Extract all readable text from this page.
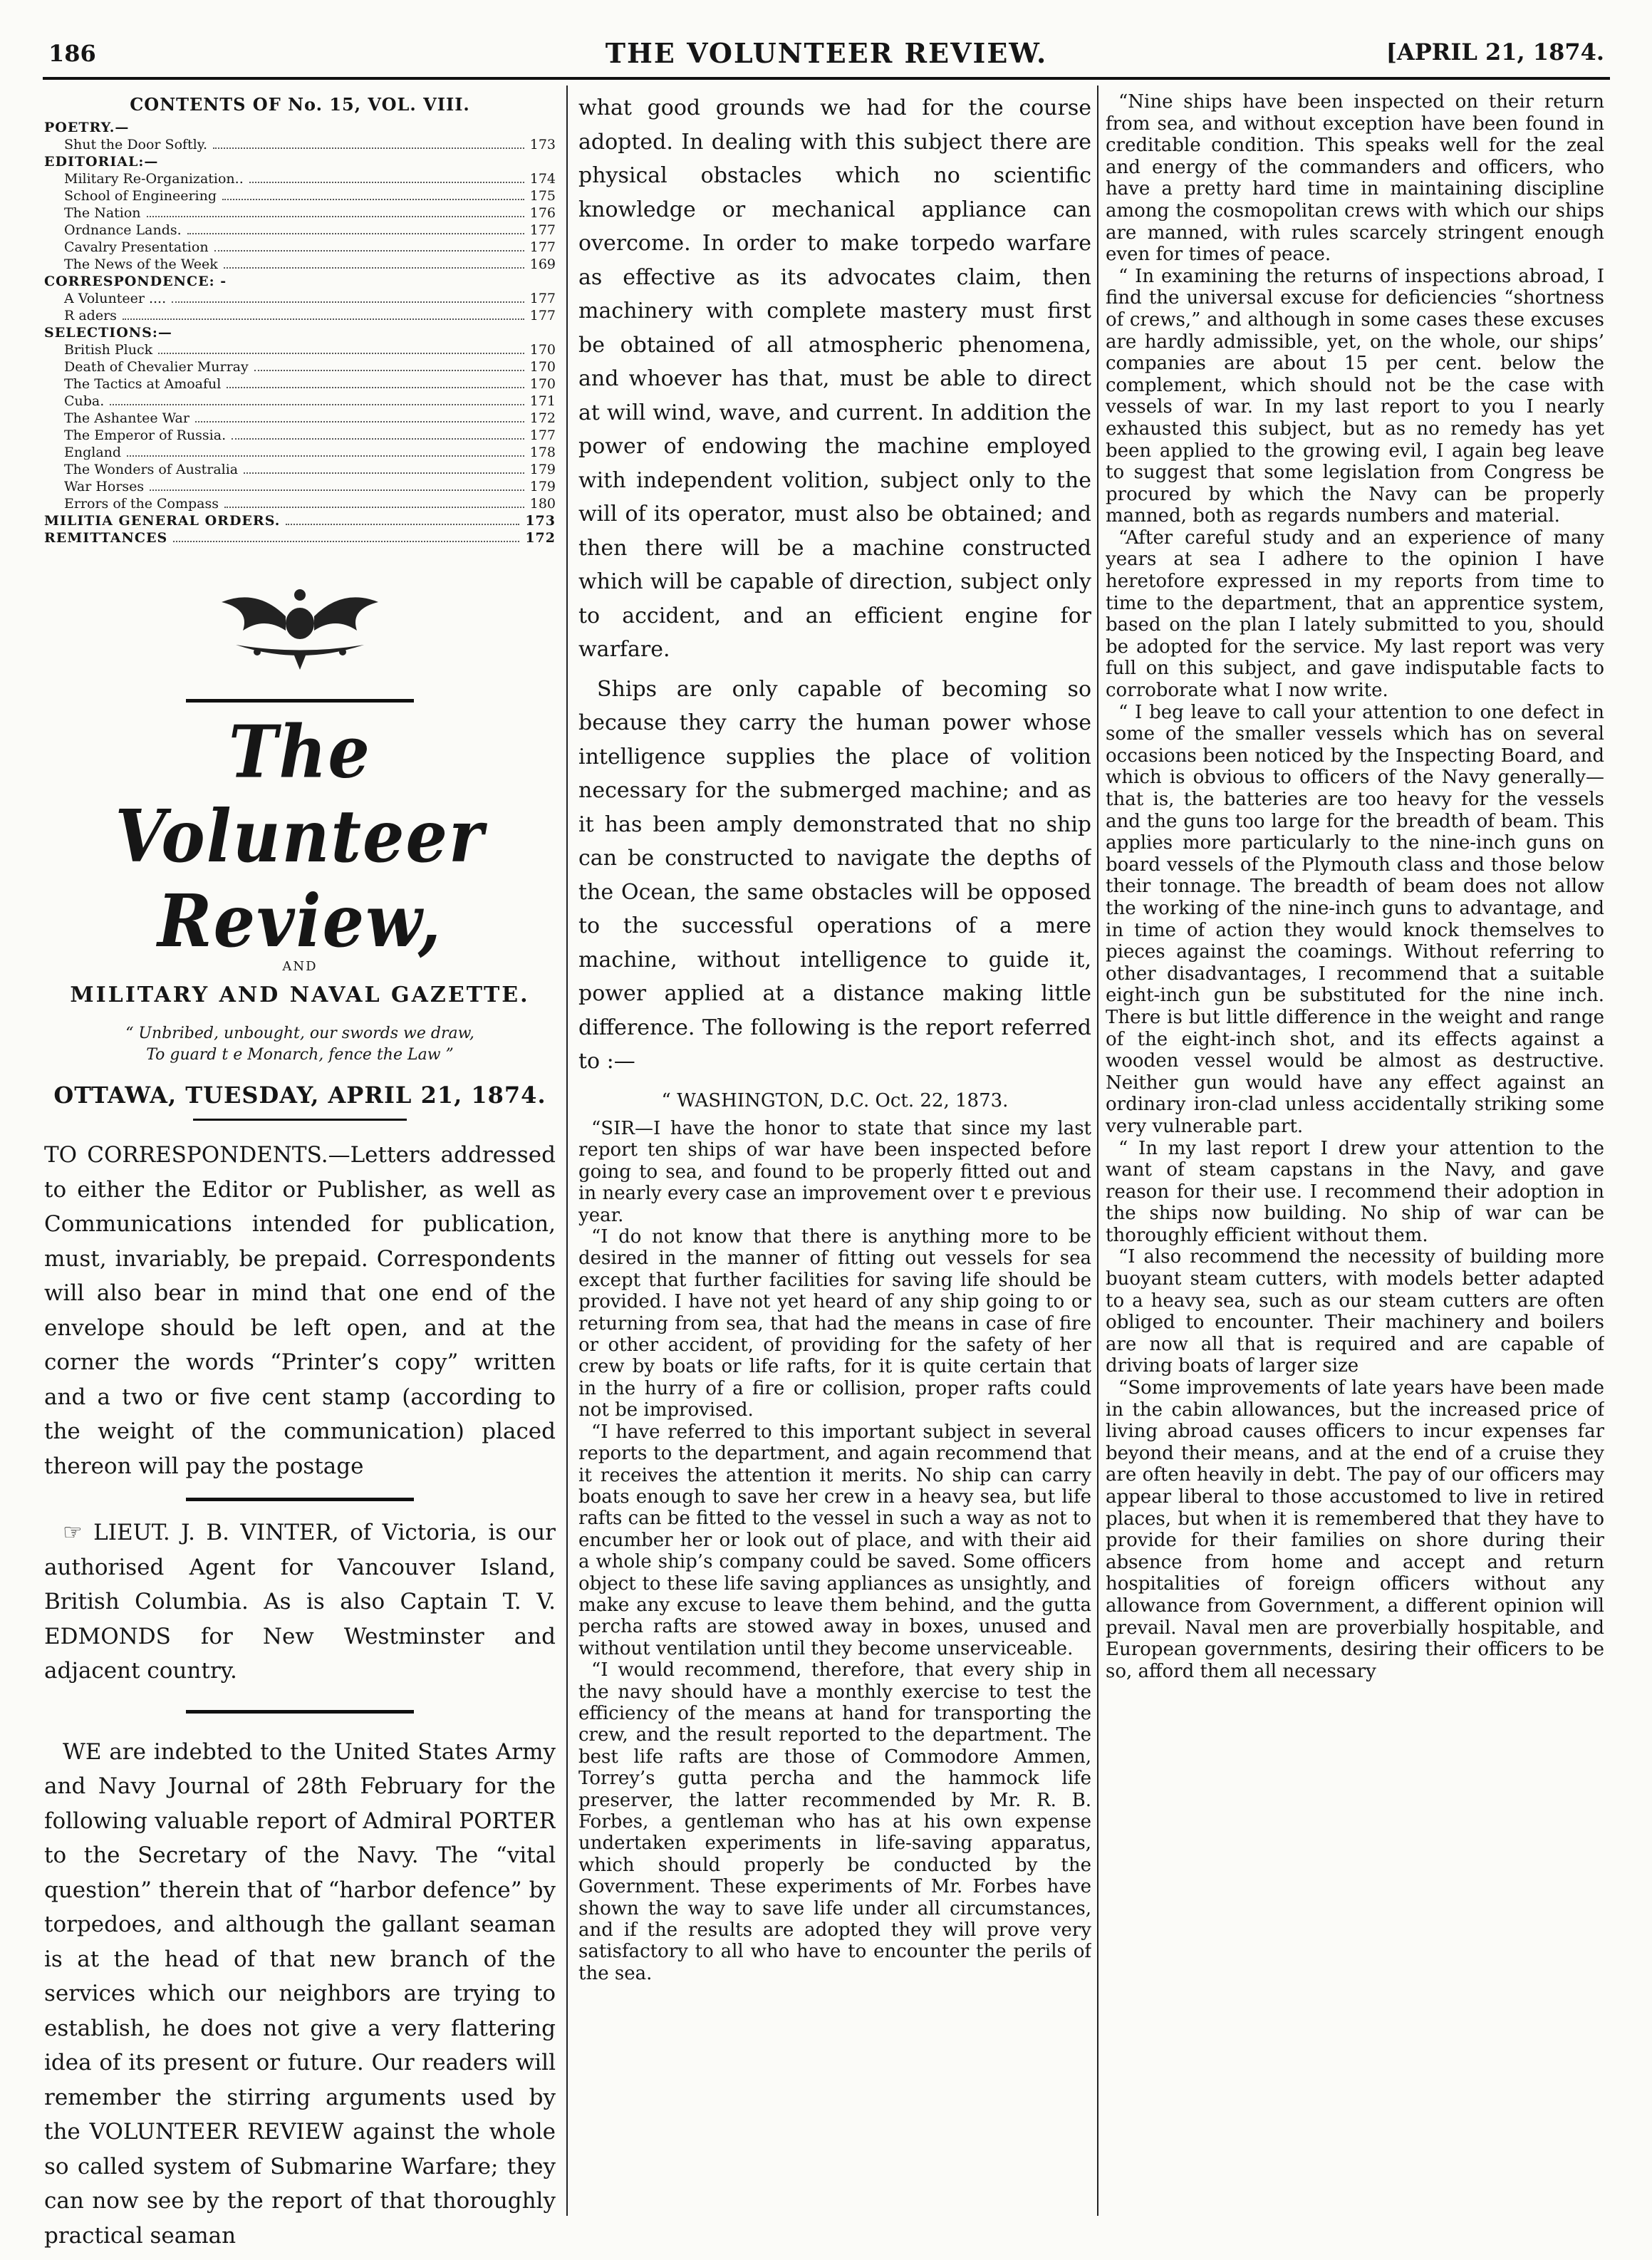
186	THE VOLUNTEER REVIEW.	[APRIL 21, 1874.
CONTENTS OF No. 15, VOL. VIII.
POETRY.—
Shut the Door Softly.	173
EDITORIAL:—
Military Re-Organization..	174
School of Engineering	175
The Nation	176
Ordnance Lands.	177
Cavalry Presentation	177
The News of the Week	169
CORRESPONDENCE: -
A Volunteer ....	177
R aders	177
SELECTIONS:—
British Pluck	170
Death of Chevalier Murray	170
The Tactics at Amoaful	170
Cuba.	171
The Ashantee War	172
The Emperor of Russia.	177
England	178
The Wonders of Australia	179
War Horses	179
Errors of the Compass	180
MILITIA GENERAL ORDERS.	173
REMITTANCES	172
The Volunteer Review,
AND
MILITARY AND NAVAL GAZETTE.
“ Unbribed, unbought, our swords we draw,
To guard t e Monarch, fence the Law ”
OTTAWA, TUESDAY, APRIL 21, 1874.

TO CORRESPONDENTS.—Letters addressed to either the Editor or Publisher, as well as Communications intended for publication, must, invariably, be prepaid. Correspondents will also bear in mind that one end of the envelope should be left open, and at the corner the words “Printer’s copy” written and a two or five cent stamp (according to the weight of the communication) placed thereon will pay the postage

☞ LIEUT. J. B. VINTER, of Victoria, is our authorised Agent for Vancouver Island, British Columbia. As is also Captain T. V. EDMONDS for New Westminster and adjacent country.

WE are indebted to the United States Army and Navy Journal of 28th February for the following valuable report of Admiral PORTER to the Secretary of the Navy. The “vital question” therein that of “harbor defence” by torpedoes, and although the gallant seaman is at the head of that new branch of the services which our neighbors are trying to establish, he does not give a very flattering idea of its present or future. Our readers will remember the stirring arguments used by the VOLUNTEER REVIEW against the whole so called system of Submarine Warfare; they can now see by the report of that thoroughly practical seaman

what good grounds we had for the course adopted. In dealing with this subject there are physical obstacles which no scientific knowledge or mechanical appliance can overcome. In order to make torpedo warfare as effective as its advocates claim, then machinery with complete mastery must first be obtained of all atmospheric phenomena, and whoever has that, must be able to direct at will wind, wave, and current. In addition the power of endowing the machine employed with independent volition, subject only to the will of its operator, must also be obtained; and then there will be a machine constructed which will be capable of direction, subject only to accident, and an efficient engine for warfare.

Ships are only capable of becoming so because they carry the human power whose intelligence supplies the place of volition necessary for the submerged machine; and as it has been amply demonstrated that no ship can be constructed to navigate the depths of the Ocean, the same obstacles will be opposed to the successful operations of a mere machine, without intelligence to guide it, power applied at a distance making little difference. The following is the report referred to :—

“ WASHINGTON, D.C. Oct. 22, 1873.

“SIR—I have the honor to state that since my last report ten ships of war have been inspected before going to sea, and found to be properly fitted out and in nearly every case an improvement over t e previous year.

“I do not know that there is anything more to be desired in the manner of fitting out vessels for sea except that further facilities for saving life should be provided. I have not yet heard of any ship going to or returning from sea, that had the means in case of fire or other accident, of providing for the safety of her crew by boats or life rafts, for it is quite certain that in the hurry of a fire or collision, proper rafts could not be improvised.

“I have referred to this important subject in several reports to the department, and again recommend that it receives the attention it merits. No ship can carry boats enough to save her crew in a heavy sea, but life rafts can be fitted to the vessel in such a way as not to encumber her or look out of place, and with their aid a whole ship’s company could be saved. Some officers object to these life saving appliances as unsightly, and make any excuse to leave them behind, and the gutta percha rafts are stowed away in boxes, unused and without ventilation until they become unserviceable.

“I would recommend, therefore, that every ship in the navy should have a monthly exercise to test the efficiency of the means at hand for transporting the crew, and the result reported to the department. The best life rafts are those of Commodore Ammen, Torrey’s gutta percha and the hammock life preserver, the latter recommended by Mr. R. B. Forbes, a gentleman who has at his own expense undertaken experiments in life-saving apparatus, which should properly be conducted by the Government. These experiments of Mr. Forbes have shown the way to save life under all circumstances, and if the results are adopted they will prove very satisfactory to all who have to encounter the perils of the sea.

“Nine ships have been inspected on their return from sea, and without exception have been found in creditable condition. This speaks well for the zeal and energy of the commanders and officers, who have a pretty hard time in maintaining discipline among the cosmopolitan crews with which our ships are manned, with rules scarcely stringent enough even for times of peace.

“ In examining the returns of inspections abroad, I find the universal excuse for deficiencies “shortness of crews,” and although in some cases these excuses are hardly admissible, yet, on the whole, our ships’ companies are about 15 per cent. below the complement, which should not be the case with vessels of war. In my last report to you I nearly exhausted this subject, but as no remedy has yet been applied to the growing evil, I again beg leave to suggest that some legislation from Congress be procured by which the Navy can be properly manned, both as regards numbers and material.

“After careful study and an experience of many years at sea I adhere to the opinion I have heretofore expressed in my reports from time to time to the department, that an apprentice system, based on the plan I lately submitted to you, should be adopted for the service. My last report was very full on this subject, and gave indisputable facts to corroborate what I now write.

“ I beg leave to call your attention to one defect in some of the smaller vessels which has on several occasions been noticed by the Inspecting Board, and which is obvious to officers of the Navy generally—that is, the batteries are too heavy for the vessels and the guns too large for the breadth of beam. This applies more particularly to the nine-inch guns on board vessels of the Plymouth class and those below their tonnage. The breadth of beam does not allow the working of the nine-inch guns to advantage, and in time of action they would knock themselves to pieces against the coamings. Without referring to other disadvantages, I recommend that a suitable eight-inch gun be substituted for the nine inch. There is but little difference in the weight and range of the eight-inch shot, and its effects against a wooden vessel would be almost as destructive. Neither gun would have any effect against an ordinary iron-clad unless accidentally striking some very vulnerable part.

“ In my last report I drew your attention to the want of steam capstans in the Navy, and gave reason for their use. I recommend their adoption in the ships now building. No ship of war can be thoroughly efficient without them.

“I also recommend the necessity of building more buoyant steam cutters, with models better adapted to a heavy sea, such as our steam cutters are often obliged to encounter. Their machinery and boilers are now all that is required and are capable of driving boats of larger size

“Some improvements of late years have been made in the cabin allowances, but the increased price of living abroad causes officers to incur expenses far beyond their means, and at the end of a cruise they are often heavily in debt. The pay of our officers may appear liberal to those accustomed to live in retired places, but when it is remembered that they have to provide for their families on shore during their absence from home and accept and return hospitalities of foreign officers without any allowance from Government, a different opinion will prevail. Naval men are proverbially hospitable, and European governments, desiring their officers to be so, afford them all necessary
